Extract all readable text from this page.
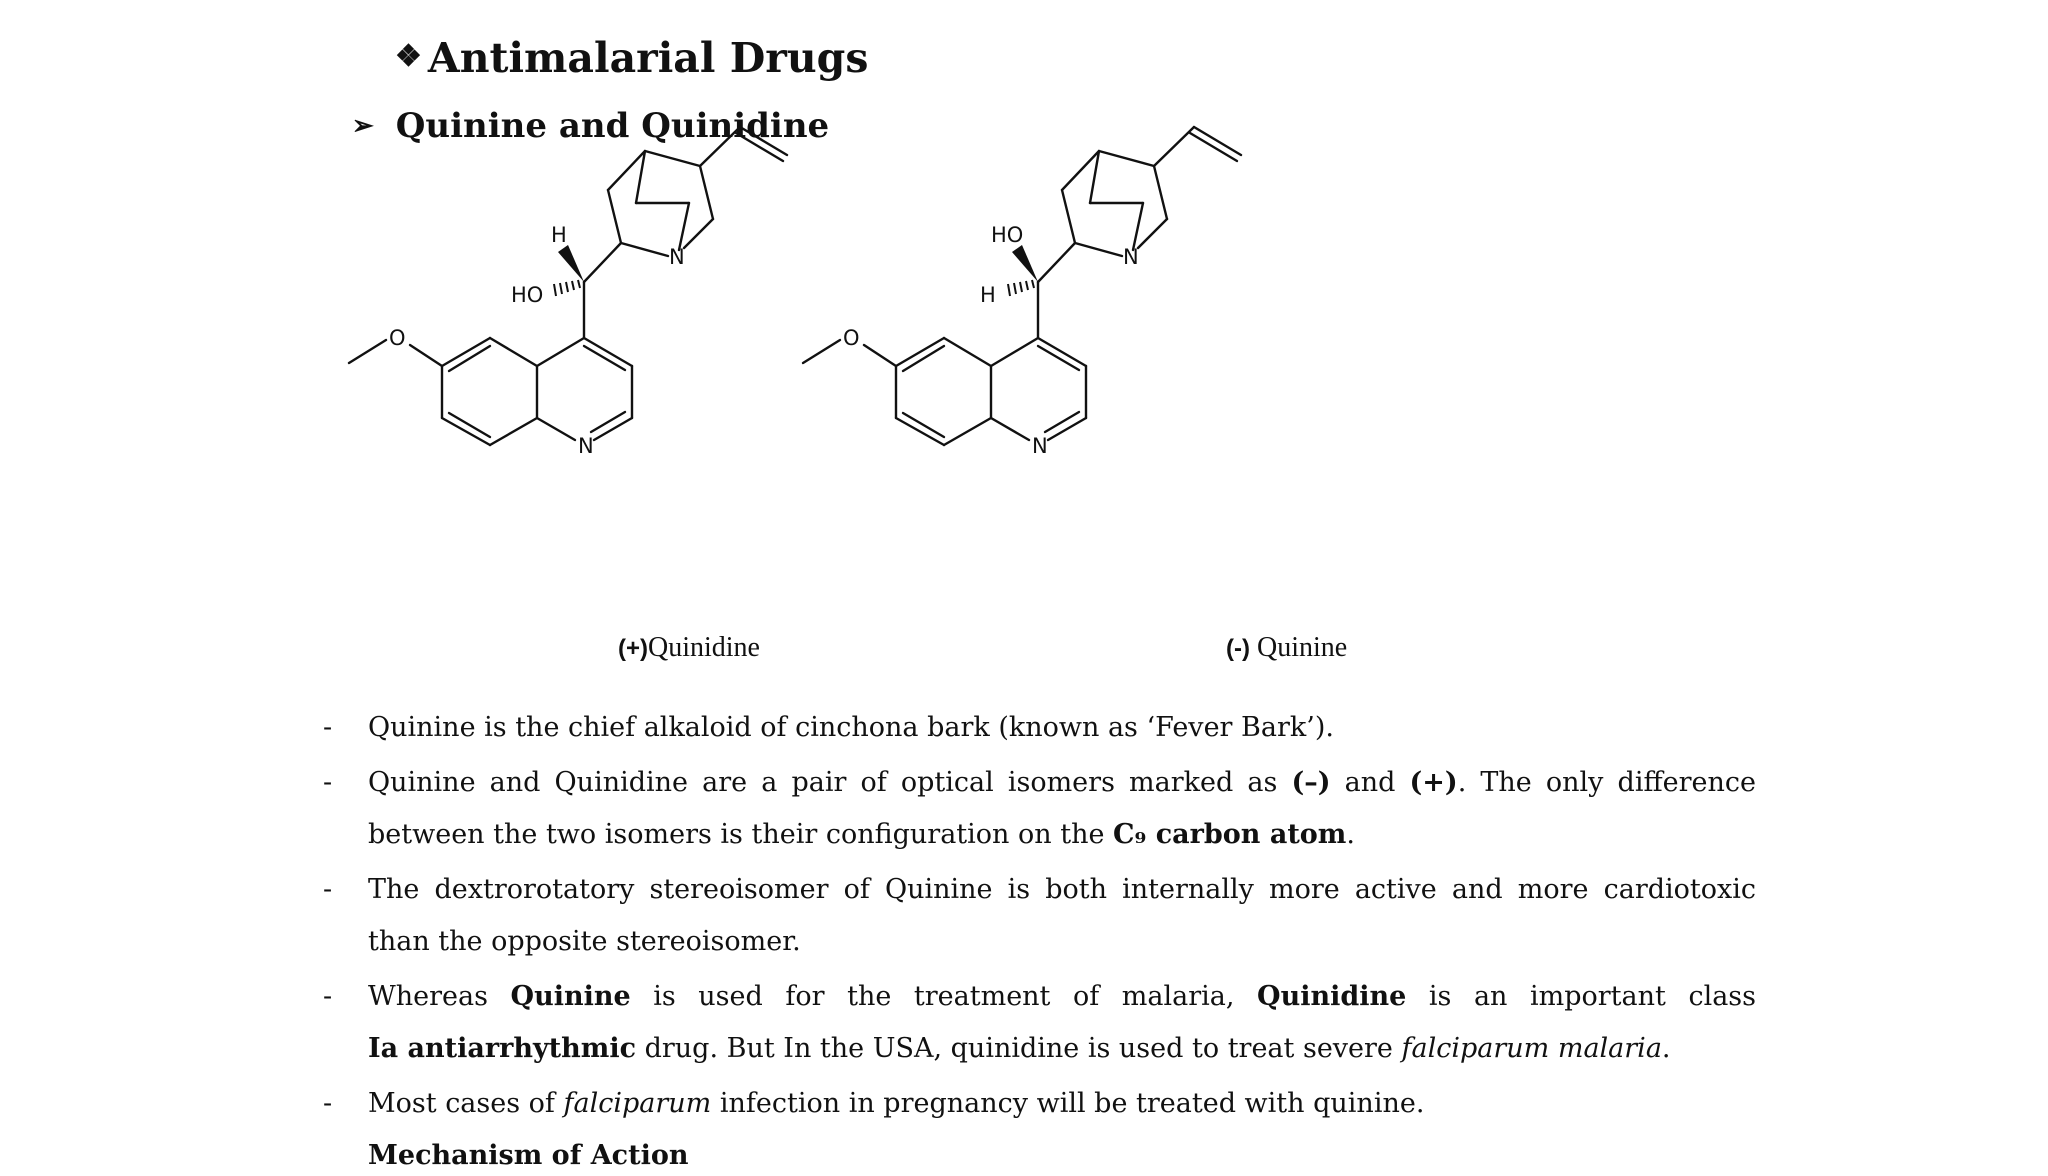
❖ Antimalarial Drugs
➢ Quinine and Quinidine
H
HO
N
O
N
HO
H
N
O
N
(+)Quinidine	(-) Quinine
- Quinine is the chief alkaloid of cinchona bark (known as ‘Fever Bark’).
- Quinine and Quinidine are a pair of optical isomers marked as (–) and (+). The only difference
between the two isomers is their configuration on the C₉ carbon atom.
- The dextrorotatory stereoisomer of Quinine is both internally more active and more cardiotoxic
than the opposite stereoisomer.
- Whereas Quinine is used for the treatment of malaria, Quinidine is an important class
Ia antiarrhythmic drug. But In the USA, quinidine is used to treat severe falciparum malaria.
- Most cases of falciparum infection in pregnancy will be treated with quinine.
Mechanism of Action
